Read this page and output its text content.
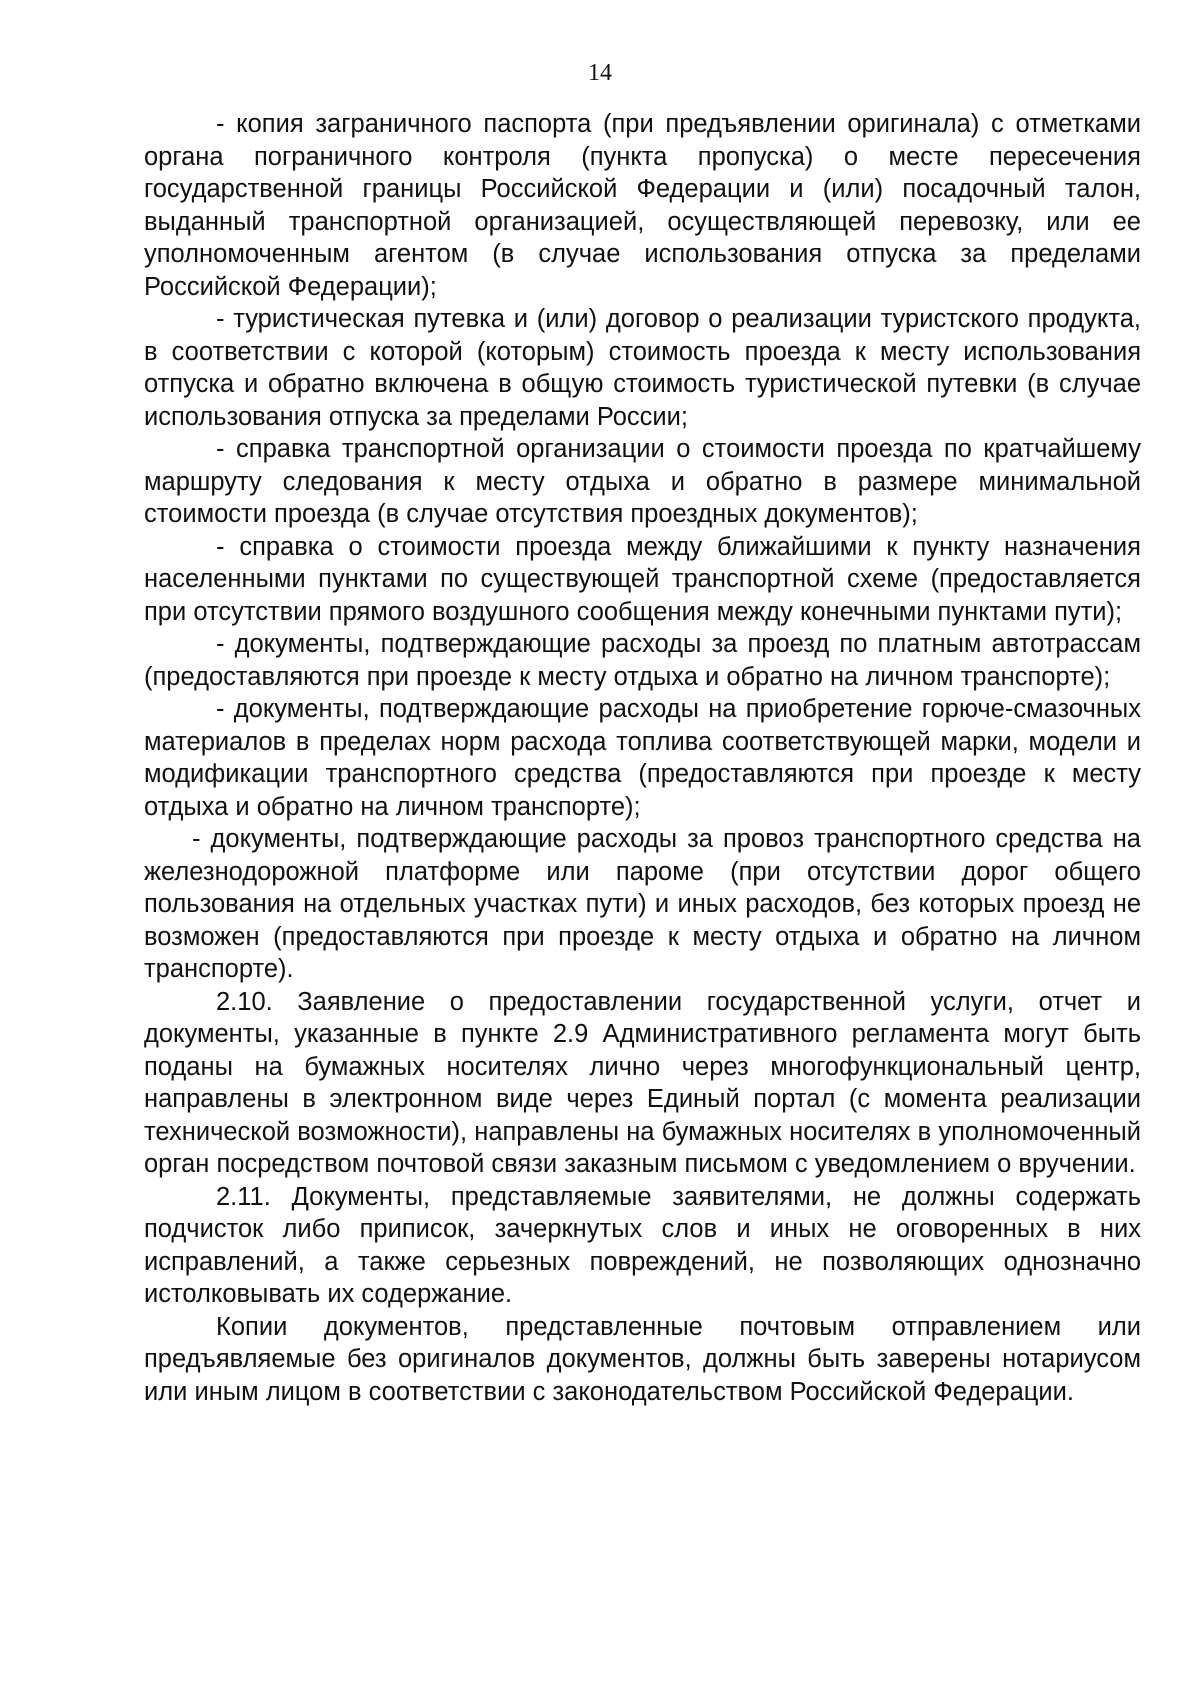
14

- копия заграничного паспорта (при предъявлении оригинала) с отметками органа пограничного контроля (пункта пропуска) о месте пересечения государственной границы Российской Федерации и (или) посадочный талон, выданный транспортной организацией, осуществляющей перевозку, или ее уполномоченным агентом (в случае использования отпуска за пределами Российской Федерации);

- туристическая путевка и (или) договор о реализации туристского продукта, в соответствии с которой (которым) стоимость проезда к месту использования отпуска и обратно включена в общую стоимость туристической путевки (в случае использования отпуска за пределами России;

- справка транспортной организации о стоимости проезда по кратчайшему маршруту следования к месту отдыха и обратно в размере минимальной стоимости проезда (в случае отсутствия проездных документов);

- справка о стоимости проезда между ближайшими к пункту назначения населенными пунктами по существующей транспортной схеме (предоставляется при отсутствии прямого воздушного сообщения между конечными пунктами пути);

- документы, подтверждающие расходы за проезд по платным автотрассам (предоставляются при проезде к месту отдыха и обратно на личном транспорте);

- документы, подтверждающие расходы на приобретение горюче-смазочных материалов в пределах норм расхода топлива соответствующей марки, модели и модификации транспортного средства (предоставляются при проезде к месту отдыха и обратно на личном транспорте);

- документы, подтверждающие расходы за провоз транспортного средства на железнодорожной платформе или пароме (при отсутствии дорог общего пользования на отдельных участках пути) и иных расходов, без которых проезд не возможен (предоставляются при проезде к месту отдыха и обратно на личном транспорте).

2.10. Заявление о предоставлении государственной услуги, отчет и документы, указанные в пункте 2.9 Административного регламента могут быть поданы на бумажных носителях лично через многофункциональный центр, направлены в электронном виде через Единый портал (с момента реализации технической возможности), направлены на бумажных носителях в уполномоченный орган посредством почтовой связи заказным письмом с уведомлением о вручении.

2.11. Документы, представляемые заявителями, не должны содержать подчисток либо приписок, зачеркнутых слов и иных не оговоренных в них исправлений, а также серьезных повреждений, не позволяющих однозначно истолковывать их содержание.

Копии документов, представленные почтовым отправлением или предъявляемые без оригиналов документов, должны быть заверены нотариусом или иным лицом в соответствии с законодательством Российской Федерации.
